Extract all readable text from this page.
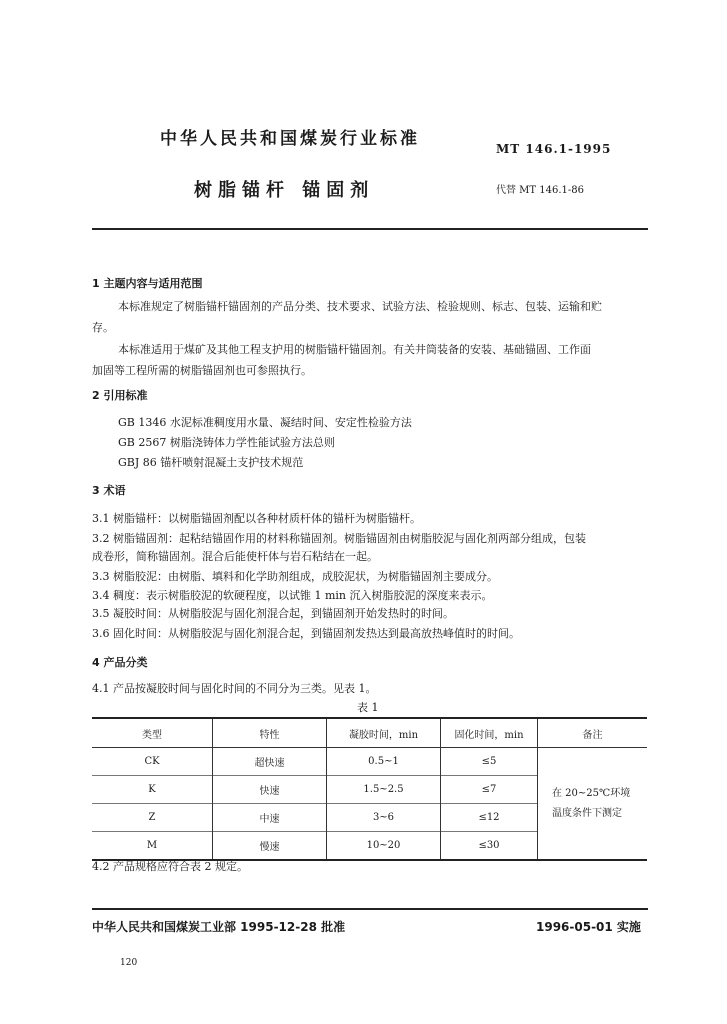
中华人民共和国煤炭行业标准	MT 146.1-1995
树脂锚杆 锚固剂	代替 MT 146.1-86
1 主题内容与适用范围
本标准规定了树脂锚杆锚固剂的产品分类、技术要求、试验方法、检验规则、标志、包装、运输和贮
存。
本标准适用于煤矿及其他工程支护用的树脂锚杆锚固剂。有关井筒装备的安装、基础锚固、工作面
加固等工程所需的树脂锚固剂也可参照执行。
2 引用标准
GB 1346 水泥标准稠度用水量、凝结时间、安定性检验方法
GB 2567 树脂浇铸体力学性能试验方法总则
GBJ 86 锚杆喷射混凝土支护技术规范
3 术语
3.1 树脂锚杆：以树脂锚固剂配以各种材质杆体的锚杆为树脂锚杆。
3.2 树脂锚固剂：起粘结锚固作用的材料称锚固剂。树脂锚固剂由树脂胶泥与固化剂两部分组成，包装
成卷形，简称锚固剂。混合后能使杆体与岩石粘结在一起。
3.3 树脂胶泥：由树脂、填料和化学助剂组成，成胶泥状，为树脂锚固剂主要成分。
3.4 稠度：表示树脂胶泥的软硬程度，以试锥 1 min 沉入树脂胶泥的深度来表示。
3.5 凝胶时间：从树脂胶泥与固化剂混合起，到锚固剂开始发热时的时间。
3.6 固化时间：从树脂胶泥与固化剂混合起，到锚固剂发热达到最高放热峰值时的时间。
4 产品分类
4.1 产品按凝胶时间与固化时间的不同分为三类。见表 1。
表 1
类型	特性	凝胶时间，min	固化时间，min	备注
CK	超快速	0.5~1	≤5	在 20~25℃环境
温度条件下测定

K	快速	1.5~2.5	≤7	
Z	中速	3~6	≤12	
M	慢速	10~20	≤30	
4.2 产品规格应符合表 2 规定。
中华人民共和国煤炭工业部 1995-12-28 批准	1996-05-01 实施
120
